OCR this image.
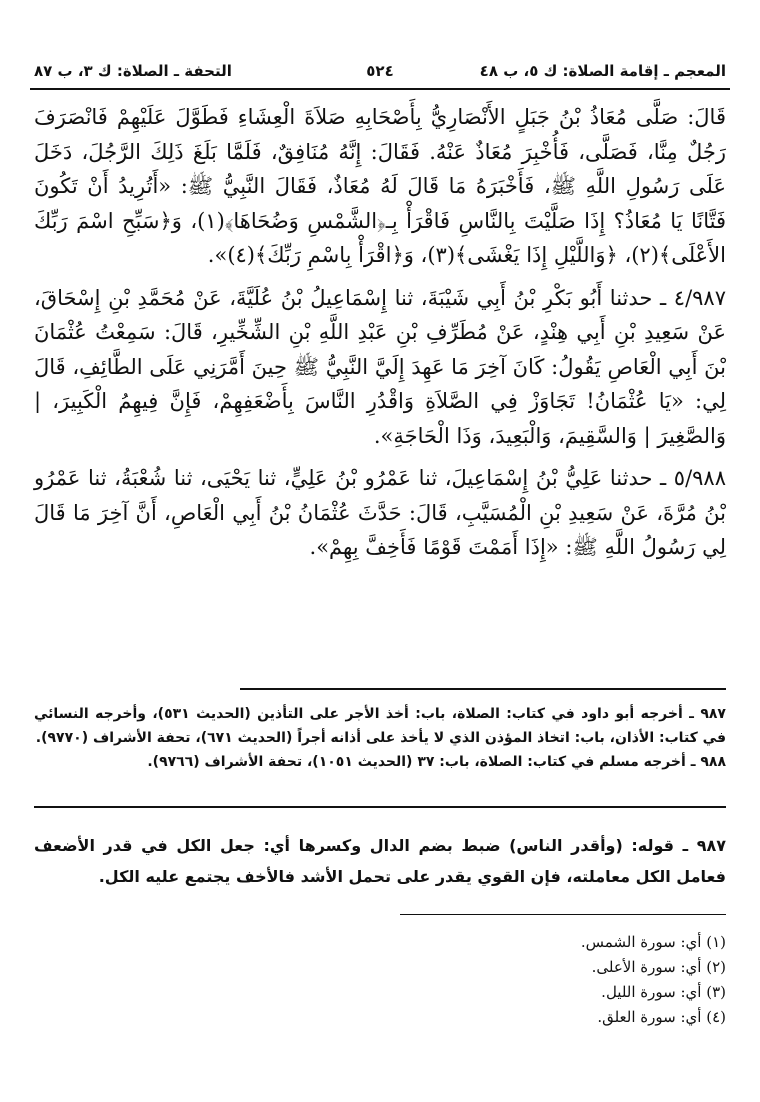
المعجم ـ إقامة الصلاة: ك ٥، ب ٤٨
٥٢٤
التحفة ـ الصلاة: ك ٣، ب ٨٧

قَالَ: صَلَّى مُعَاذُ بْنُ جَبَلٍ الأَنْصَارِيُّ بِأَصْحَابِهِ صَلاَةَ الْعِشَاءِ فَطَوَّلَ عَلَيْهِمْ فَانْصَرَفَ رَجُلٌ مِنَّا، فَصَلَّى، فَأُخْبِرَ مُعَاذٌ عَنْهُ. فَقَالَ: إِنَّهُ مُنَافِقٌ، فَلَمَّا بَلَغَ ذَلِكَ الرَّجُلَ، دَخَلَ عَلَى رَسُولِ اللَّهِ ﷺ، فَأَخْبَرَهُ مَا قَالَ لَهُ مُعَاذٌ، فَقَالَ النَّبِيُّ ﷺ: «أَتُرِيدُ أَنْ تَكُونَ فَتَّانًا يَا مُعَاذُ؟ إِذَا صَلَّيْتَ بِالنَّاسِ فَاقْرَأْ بِـ﴿الشَّمْسِ وَضُحَاهَا﴾(١)، وَ﴿سَبِّحِ اسْمَ رَبِّكَ الأَعْلَى﴾(٢)، ﴿وَاللَّيْلِ إِذَا يَغْشَى﴾(٣)، وَ﴿اقْرَأْ بِاسْمِ رَبِّكَ﴾(٤)».

٤/٩٨٧ ـ حدثنا أَبُو بَكْرِ بْنُ أَبِي شَيْبَةَ، ثنا إِسْمَاعِيلُ بْنُ عُلَيَّةَ، عَنْ مُحَمَّدِ بْنِ إِسْحَاقَ، عَنْ سَعِيدِ بْنِ أَبِي هِنْدٍ، عَنْ مُطَرِّفِ بْنِ عَبْدِ اللَّهِ بْنِ الشِّخِّيرِ، قَالَ: سَمِعْتُ عُثْمَانَ بْنَ أَبِي الْعَاصِ يَقُولُ: كَانَ آخِرَ مَا عَهِدَ إِلَيَّ النَّبِيُّ ﷺ حِينَ أَمَّرَنِي عَلَى الطَّائِفِ، قَالَ لِي: «يَا عُثْمَانُ! تَجَاوَزْ فِي الصَّلاَةِ وَاقْدُرِ النَّاسَ بِأَضْعَفِهِمْ، فَإِنَّ فِيهِمُ الْكَبِيرَ، | وَالصَّغِيرَ | وَالسَّقِيمَ، وَالْبَعِيدَ، وَذَا الْحَاجَةِ».

٥/٩٨٨ ـ حدثنا عَلِيُّ بْنُ إِسْمَاعِيلَ، ثنا عَمْرُو بْنُ عَلِيٍّ، ثنا يَحْيَى، ثنا شُعْبَةُ، ثنا عَمْرُو بْنُ مُرَّةَ، عَنْ سَعِيدِ بْنِ الْمُسَيَّبِ، قَالَ: حَدَّثَ عُثْمَانُ بْنُ أَبِي الْعَاصِ، أَنَّ آخِرَ مَا قَالَ لِي رَسُولُ اللَّهِ ﷺ: «إِذَا أَمَمْتَ قَوْمًا فَأَخِفَّ بِهِمْ».

٩٨٧ ـ أخرجه أبو داود في كتاب: الصلاة، باب: أخذ الأجر على التأذين (الحديث ٥٣١)، وأخرجه النسائي في كتاب: الأذان، باب: اتخاذ المؤذن الذي لا يأخذ على أذانه أجراً (الحديث ٦٧١)، تحفة الأشراف (٩٧٧٠).

٩٨٨ ـ أخرجه مسلم في كتاب: الصلاة، باب: ٣٧ (الحديث ١٠٥١)، تحفة الأشراف (٩٧٦٦).

٩٨٧ ـ قوله: (وأقدر الناس) ضبط بضم الدال وكسرها أي: جعل الكل في قدر الأضعف فعامل الكل معاملته، فإن القوي يقدر على تحمل الأشد فالأخف يجتمع عليه الكل.

(١) أي: سورة الشمس.
(٢) أي: سورة الأعلى.
(٣) أي: سورة الليل.
(٤) أي: سورة العلق.
